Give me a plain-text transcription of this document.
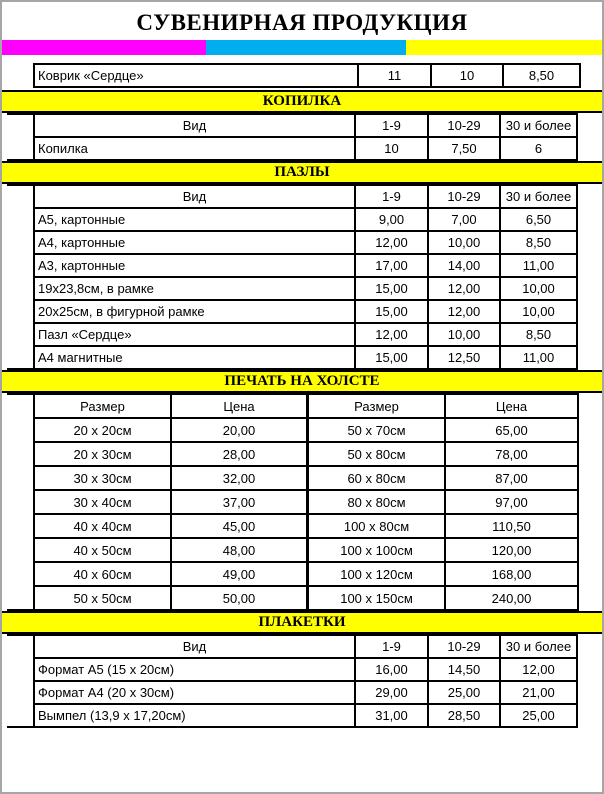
СУВЕНИРНАЯ ПРОДУКЦИЯ
	Коврик «Сердце»	11	10	8,50
КОПИЛКА
	Вид	1-9	10-29	30 и более
	Копилка	10	7,50	6
ПАЗЛЫ
	Вид	1-9	10-29	30 и более
	А5, картонные	9,00	7,00	6,50
	А4, картонные	12,00	10,00	8,50
	А3, картонные	17,00	14,00	11,00
	19х23,8см, в рамке	15,00	12,00	10,00
	20х25см, в фигурной рамке	15,00	12,00	10,00
	Пазл «Сердце»	12,00	10,00	8,50
	А4 магнитные	15,00	12,50	11,00
ПЕЧАТЬ НА ХОЛСТЕ
	Размер	Цена	Размер	Цена
	20 х 20см	20,00	50 х 70см	65,00
	20 х 30см	28,00	50 х 80см	78,00
	30 х 30см	32,00	60 х 80см	87,00
	30 х 40см	37,00	80 х 80см	97,00
	40 х 40см	45,00	100 х 80см	110,50
	40 х 50см	48,00	100 х 100см	120,00
	40 х 60см	49,00	100 х 120см	168,00
	50 х 50см	50,00	100 х 150см	240,00
ПЛАКЕТКИ
	Вид	1-9	10-29	30 и более
	Формат А5 (15 х 20см)	16,00	14,50	12,00
	Формат А4 (20 х 30см)	29,00	25,00	21,00
	Вымпел (13,9 х 17,20см)	31,00	28,50	25,00
